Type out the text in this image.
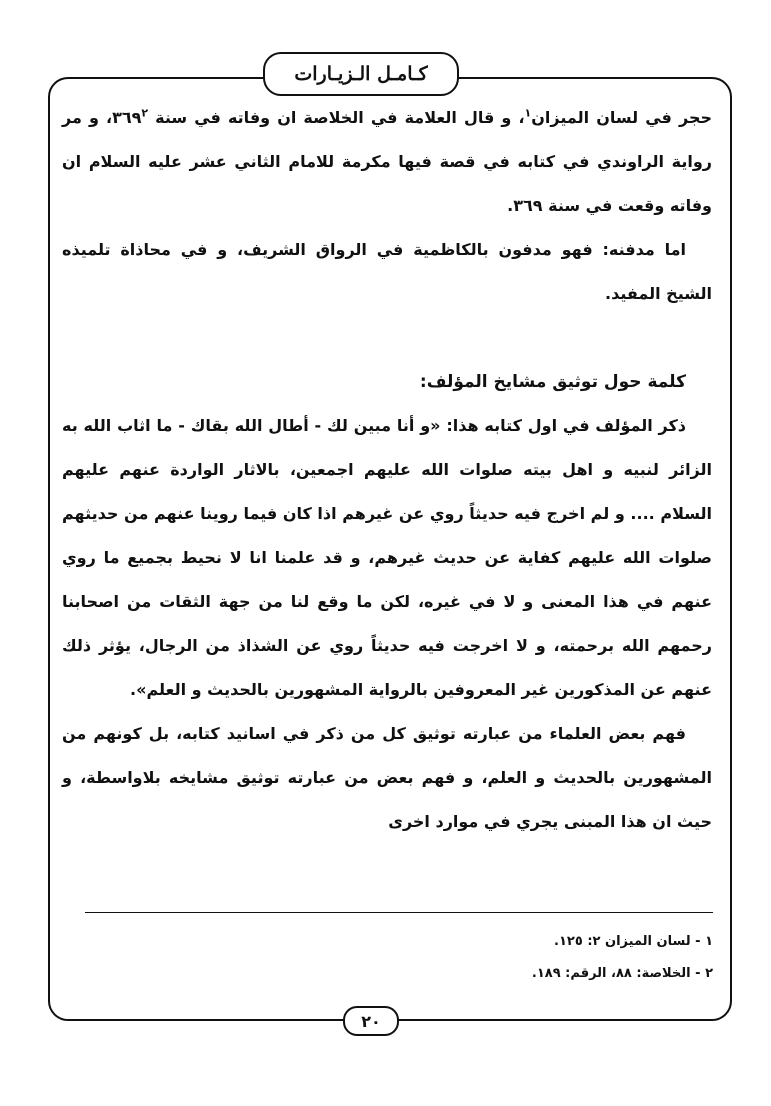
كـامـل الـزيـارات

حجر في لسان الميزان$^١$، و قال العلامة في الخلاصة ان وفاته في سنة $٣٦٩^٢،$ و مر رواية الراوندي في كتابه في قصة فيها مكرمة للامام الثاني عشر عليه السلام ان وفاته وقعت في سنة ٣٦٩.

اما مدفنه: فهو مدفون بالكاظمية في الرواق الشريف، و في محاذاة تلميذه الشيخ المفيد.

كلمة حول توثيق مشايخ المؤلف:

ذكر المؤلف في اول كتابه هذا: «و أنا مبين لك - أطال الله بقاك - ما اثاب الله به الزائر لنبيه و اهل بيته صلوات الله عليهم اجمعين، بالاثار الواردة عنهم عليهم السلام .... و لم اخرج فيه حديثاً روي عن غيرهم اذا كان فيما روينا عنهم من حديثهم صلوات الله عليهم كفاية عن حديث غيرهم، و قد علمنا انا لا نحيط بجميع ما روي عنهم في هذا المعنى و لا في غيره، لكن ما وقع لنا من جهة الثقات من اصحابنا رحمهم الله برحمته، و لا اخرجت فيه حديثاً روي عن الشذاذ من الرجال، يؤثر ذلك عنهم عن المذكورين غير المعروفين بالرواية المشهورين بالحديث و العلم».

فهم بعض العلماء من عبارته توثيق كل من ذكر في اسانيد كتابه، بل كونهم من المشهورين بالحديث و العلم، و فهم بعض من عبارته توثيق مشايخه بلاواسطة، و حيث ان هذا المبنى يجري في موارد اخرى

١ - لسان الميزان ٢: ١٢٥.

٢ - الخلاصة: ٨٨، الرقم: ١٨٩.

٢٠
